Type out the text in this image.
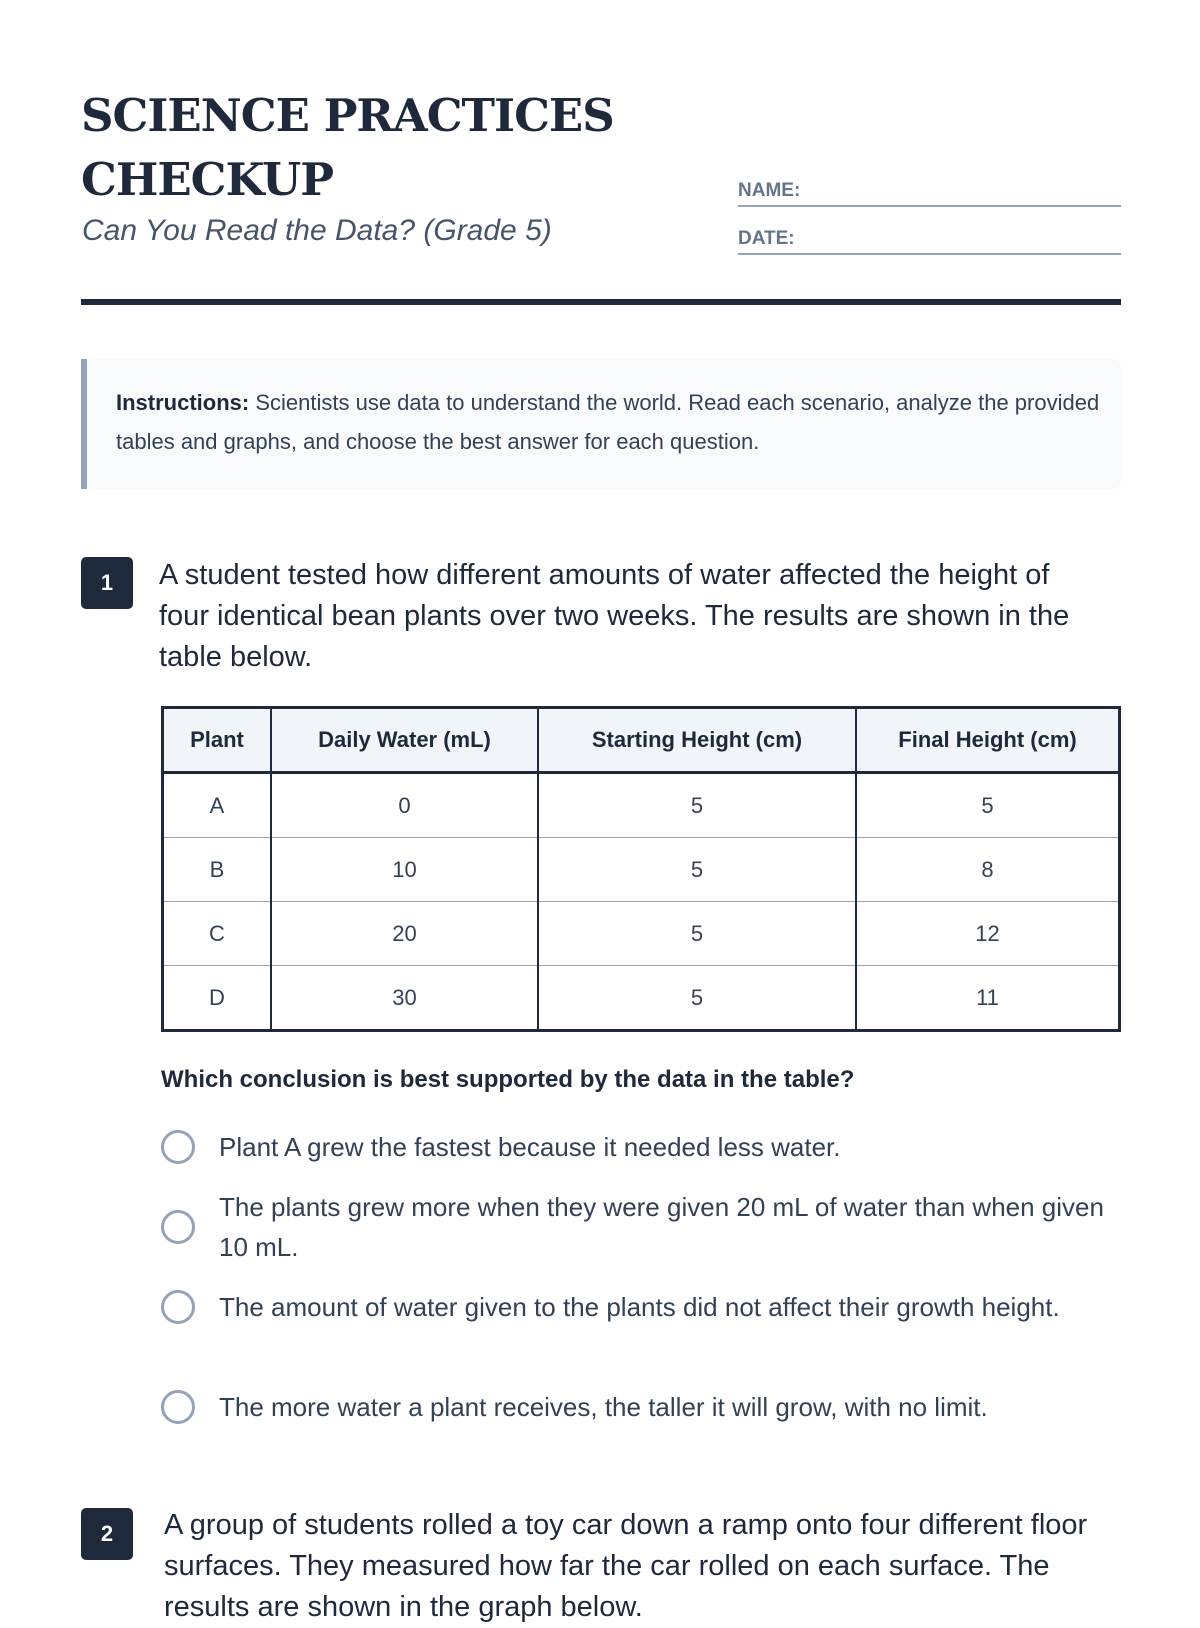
SCIENCE PRACTICES CHECKUP
Can You Read the Data? (Grade 5)
NAME:
DATE:
Instructions: Scientists use data to understand the world. Read each scenario, analyze the provided tables and graphs, and choose the best answer for each question.
1	A student tested how different amounts of water affected the height of four identical bean plants over two weeks. The results are shown in the table below.
Plant	Daily Water (mL)	Starting Height (cm)	Final Height (cm)
A	0	5	5
B	10	5	8
C	20	5	12
D	30	5	11
Which conclusion is best supported by the data in the table?
Plant A grew the fastest because it needed less water.
The plants grew more when they were given 20 mL of water than when given 10 mL.
The amount of water given to the plants did not affect their growth height.
The more water a plant receives, the taller it will grow, with no limit.
2	A group of students rolled a toy car down a ramp onto four different floor surfaces. They measured how far the car rolled on each surface. The results are shown in the graph below.
